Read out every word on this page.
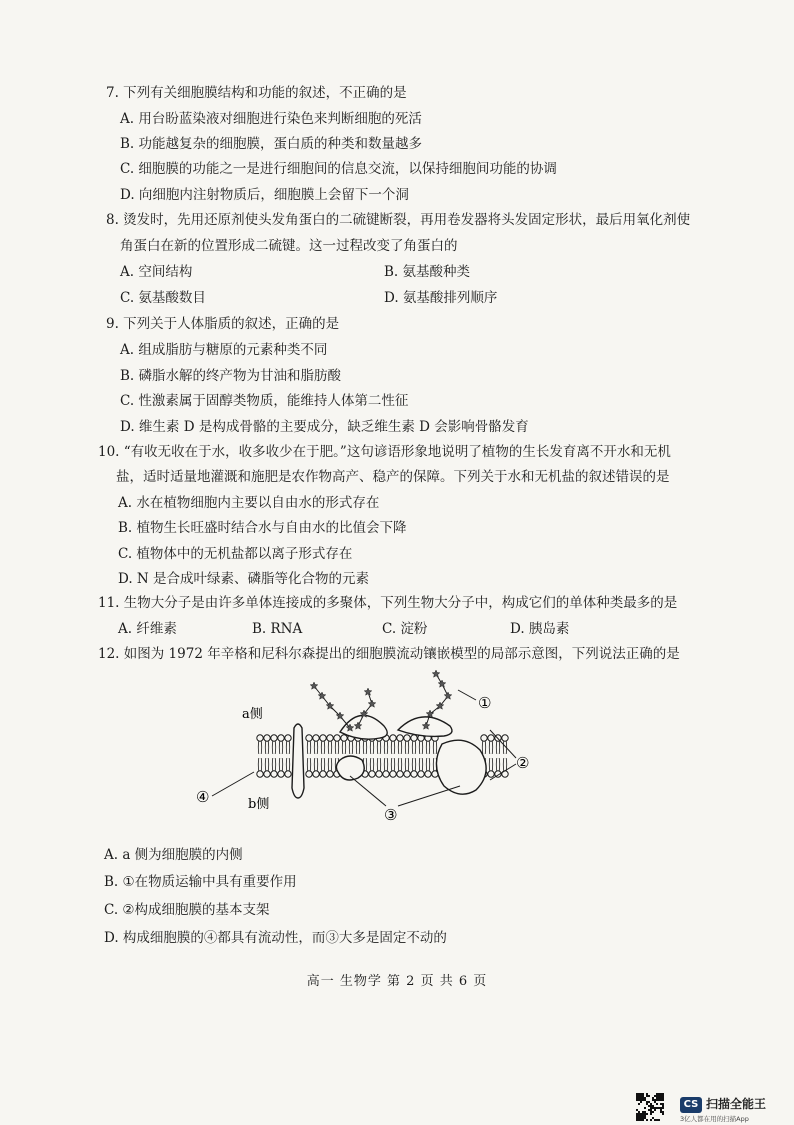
7. 下列有关细胞膜结构和功能的叙述，不正确的是
A. 用台盼蓝染液对细胞进行染色来判断细胞的死活
B. 功能越复杂的细胞膜，蛋白质的种类和数量越多
C. 细胞膜的功能之一是进行细胞间的信息交流，以保持细胞间功能的协调
D. 向细胞内注射物质后，细胞膜上会留下一个洞
8. 烫发时，先用还原剂使头发角蛋白的二硫键断裂，再用卷发器将头发固定形状，最后用氧化剂使
角蛋白在新的位置形成二硫键。这一过程改变了角蛋白的
A. 空间结构	B. 氨基酸种类
C. 氨基酸数目	D. 氨基酸排列顺序
9. 下列关于人体脂质的叙述，正确的是
A. 组成脂肪与糖原的元素种类不同
B. 磷脂水解的终产物为甘油和脂肪酸
C. 性激素属于固醇类物质，能维持人体第二性征
D. 维生素 D 是构成骨骼的主要成分，缺乏维生素 D 会影响骨骼发育
10. “有收无收在于水，收多收少在于肥。”这句谚语形象地说明了植物的生长发育离不开水和无机
盐，适时适量地灌溉和施肥是农作物高产、稳产的保障。下列关于水和无机盐的叙述错误的是
A. 水在植物细胞内主要以自由水的形式存在
B. 植物生长旺盛时结合水与自由水的比值会下降
C. 植物体中的无机盐都以离子形式存在
D. N 是合成叶绿素、磷脂等化合物的元素
11. 生物大分子是由许多单体连接成的多聚体，下列生物大分子中，构成它们的单体种类最多的是
A. 纤维素	B. RNA	C. 淀粉	D. 胰岛素
12. 如图为 1972 年辛格和尼科尔森提出的细胞膜流动镶嵌模型的局部示意图，下列说法正确的是
①
②
③
④
a侧
b侧
A. a 侧为细胞膜的内侧
B. ①在物质运输中具有重要作用
C. ②构成细胞膜的基本支架
D. 构成细胞膜的④都具有流动性，而③大多是固定不动的
高一 生物学 第 2 页 共 6 页
CS 扫描全能王
3亿人都在用的扫描App
